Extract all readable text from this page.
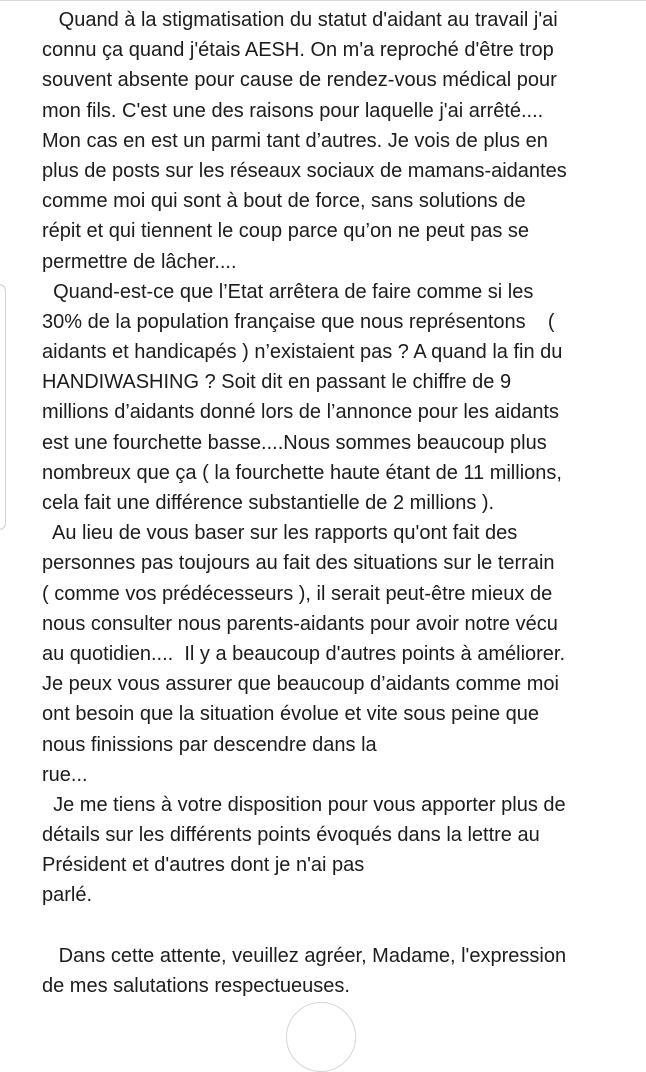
Quand à la stigmatisation du statut d'aidant au travail j'ai
connu ça quand j'étais AESH. On m'a reproché d'être trop
souvent absente pour cause de rendez-vous médical pour
mon fils. C'est une des raisons pour laquelle j'ai arrêté....
Mon cas en est un parmi tant d’autres. Je vois de plus en
plus de posts sur les réseaux sociaux de mamans-aidantes
comme moi qui sont à bout de force, sans solutions de
répit et qui tiennent le coup parce qu’on ne peut pas se
permettre de lâcher....
Quand-est-ce que l’Etat arrêtera de faire comme si les
30% de la population française que nous représentons    (
aidants et handicapés ) n’existaient pas ? A quand la fin du
HANDIWASHING ? Soit dit en passant le chiffre de 9
millions d’aidants donné lors de l’annonce pour les aidants
est une fourchette basse....Nous sommes beaucoup plus
nombreux que ça ( la fourchette haute étant de 11 millions,
cela fait une différence substantielle de 2 millions ).
Au lieu de vous baser sur les rapports qu'ont fait des
personnes pas toujours au fait des situations sur le terrain
( comme vos prédécesseurs ), il serait peut-être mieux de
nous consulter nous parents-aidants pour avoir notre vécu
au quotidien....  Il y a beaucoup d'autres points à améliorer.
Je peux vous assurer que beaucoup d’aidants comme moi
ont besoin que la situation évolue et vite sous peine que
nous finissions par descendre dans la
rue...
Je me tiens à votre disposition pour vous apporter plus de
détails sur les différents points évoqués dans la lettre au
Président et d'autres dont je n'ai pas
parlé.
Dans cette attente, veuillez agréer, Madame, l'expression
de mes salutations respectueuses.
